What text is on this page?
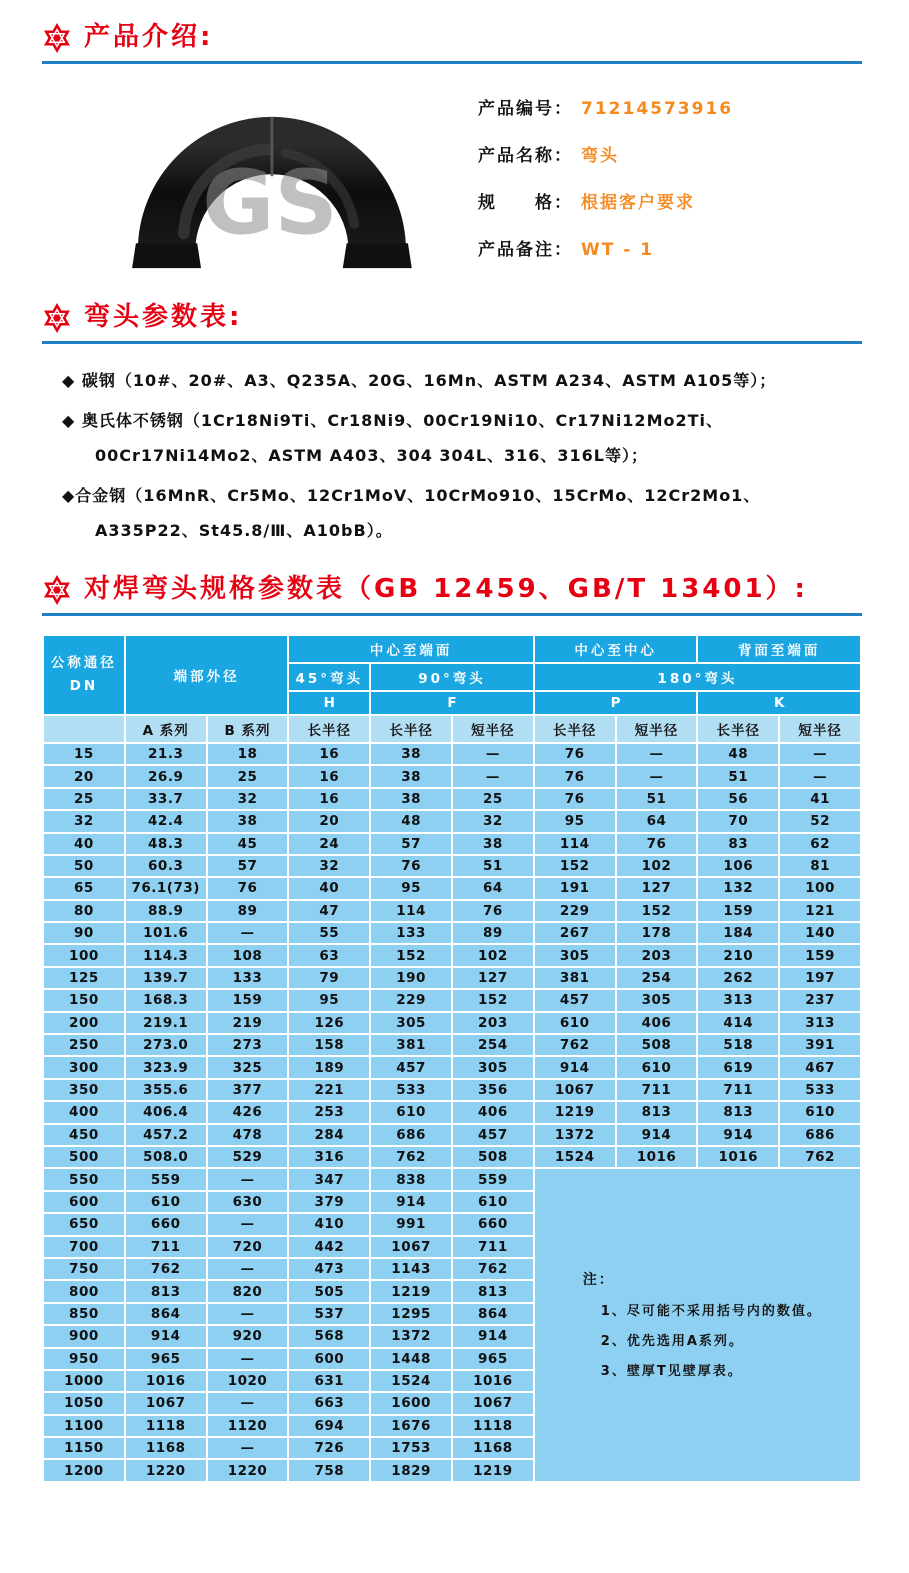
产品介绍:
GS
产品编号： 71214573916
产品名称： 弯头
规　　格： 根据客户要求
产品备注： WT - 1
弯头参数表:
◆ 碳钢（10#、20#、A3、Q235A、20G、16Mn、ASTM A234、ASTM A105等）；
◆ 奥氏体不锈钢（1Cr18Ni9Ti、Cr18Ni9、00Cr19Ni10、Cr17Ni12Mo2Ti、00Cr17Ni14Mo2、ASTM A403、304 304L、316、316L等）；
◆合金钢（16MnR、Cr5Mo、12Cr1MoV、10CrMo910、15CrMo、12Cr2Mo1、A335P22、St45.8/Ⅲ、A10bB）。
对焊弯头规格参数表（GB 12459、GB/T 13401）:
公称通径
DN	端部外径		中心至端面			中心至中心		背面至端面	
			45°弯头	90°弯头		180°弯头			
			H	F		P		K	
	A 系列	B 系列	长半径	长半径	短半径	长半径	短半径	长半径	短半径
15	21.3	18	16	38	—	76	—	48	—
20	26.9	25	16	38	—	76	—	51	—
25	33.7	32	16	38	25	76	51	56	41
32	42.4	38	20	48	32	95	64	70	52
40	48.3	45	24	57	38	114	76	83	62
50	60.3	57	32	76	51	152	102	106	81
65	76.1(73)	76	40	95	64	191	127	132	100
80	88.9	89	47	114	76	229	152	159	121
90	101.6	—	55	133	89	267	178	184	140
100	114.3	108	63	152	102	305	203	210	159
125	139.7	133	79	190	127	381	254	262	197
150	168.3	159	95	229	152	457	305	313	237
200	219.1	219	126	305	203	610	406	414	313
250	273.0	273	158	381	254	762	508	518	391
300	323.9	325	189	457	305	914	610	619	467
350	355.6	377	221	533	356	1067	711	711	533
400	406.4	426	253	610	406	1219	813	813	610
450	457.2	478	284	686	457	1372	914	914	686
500	508.0	529	316	762	508	1524	1016	1016	762
550	559	—	347	838	559	注：
1、尽可能不采用括号内的数值。
2、优先选用A系列。
3、壁厚T见壁厚表。			

600	610	630	379	914	610				
650	660	—	410	991	660				
700	711	720	442	1067	711				
750	762	—	473	1143	762				
800	813	820	505	1219	813				
850	864	—	537	1295	864				
900	914	920	568	1372	914				
950	965	—	600	1448	965				
1000	1016	1020	631	1524	1016				
1050	1067	—	663	1600	1067				
1100	1118	1120	694	1676	1118				
1150	1168	—	726	1753	1168				
1200	1220	1220	758	1829	1219				
